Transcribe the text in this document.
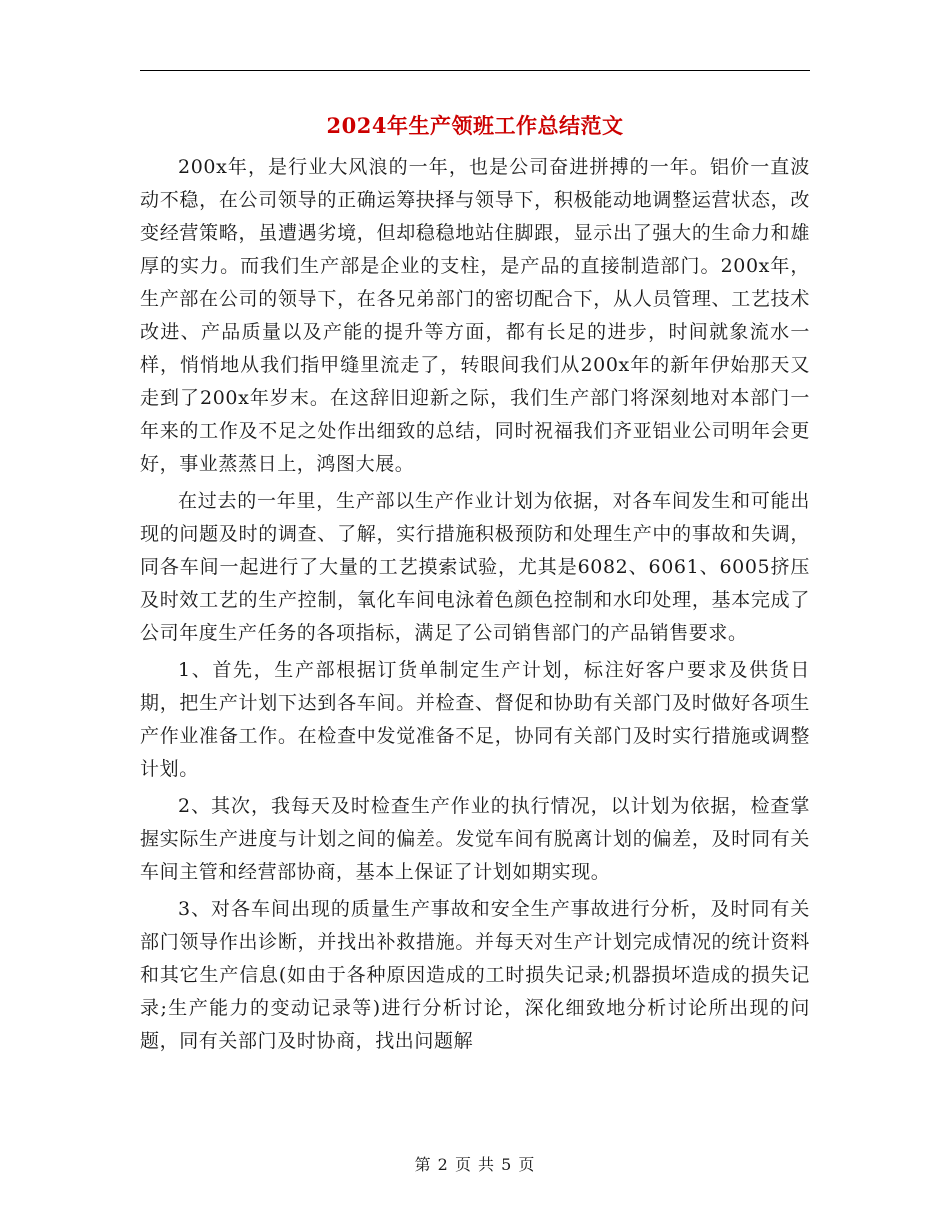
2024年生产领班工作总结范文

200x年，是行业大风浪的一年，也是公司奋进拼搏的一年。铝价一直波动不稳，在公司领导的正确运筹抉择与领导下，积极能动地调整运营状态，改变经营策略，虽遭遇劣境，但却稳稳地站住脚跟，显示出了强大的生命力和雄厚的实力。而我们生产部是企业的支柱，是产品的直接制造部门。200x年，生产部在公司的领导下，在各兄弟部门的密切配合下，从人员管理、工艺技术改进、产品质量以及产能的提升等方面，都有长足的进步，时间就象流水一样，悄悄地从我们指甲缝里流走了，转眼间我们从200x年的新年伊始那天又走到了200x年岁末。在这辞旧迎新之际，我们生产部门将深刻地对本部门一年来的工作及不足之处作出细致的总结，同时祝福我们齐亚铝业公司明年会更好，事业蒸蒸日上，鸿图大展。

在过去的一年里，生产部以生产作业计划为依据，对各车间发生和可能出现的问题及时的调查、了解，实行措施积极预防和处理生产中的事故和失调，同各车间一起进行了大量的工艺摸索试验，尤其是6082、6061、6005挤压及时效工艺的生产控制，氧化车间电泳着色颜色控制和水印处理，基本完成了公司年度生产任务的各项指标，满足了公司销售部门的产品销售要求。

1、首先，生产部根据订货单制定生产计划，标注好客户要求及供货日期，把生产计划下达到各车间。并检查、督促和协助有关部门及时做好各项生产作业准备工作。在检查中发觉准备不足，协同有关部门及时实行措施或调整计划。

2、其次，我每天及时检查生产作业的执行情况，以计划为依据，检查掌握实际生产进度与计划之间的偏差。发觉车间有脱离计划的偏差，及时同有关车间主管和经营部协商，基本上保证了计划如期实现。

3、对各车间出现的质量生产事故和安全生产事故进行分析，及时同有关部门领导作出诊断，并找出补救措施。并每天对生产计划完成情况的统计资料和其它生产信息(如由于各种原因造成的工时损失记录;机器损坏造成的损失记录;生产能力的变动记录等)进行分析讨论，深化细致地分析讨论所出现的问题，同有关部门及时协商，找出问题解

第 2 页 共 5 页
